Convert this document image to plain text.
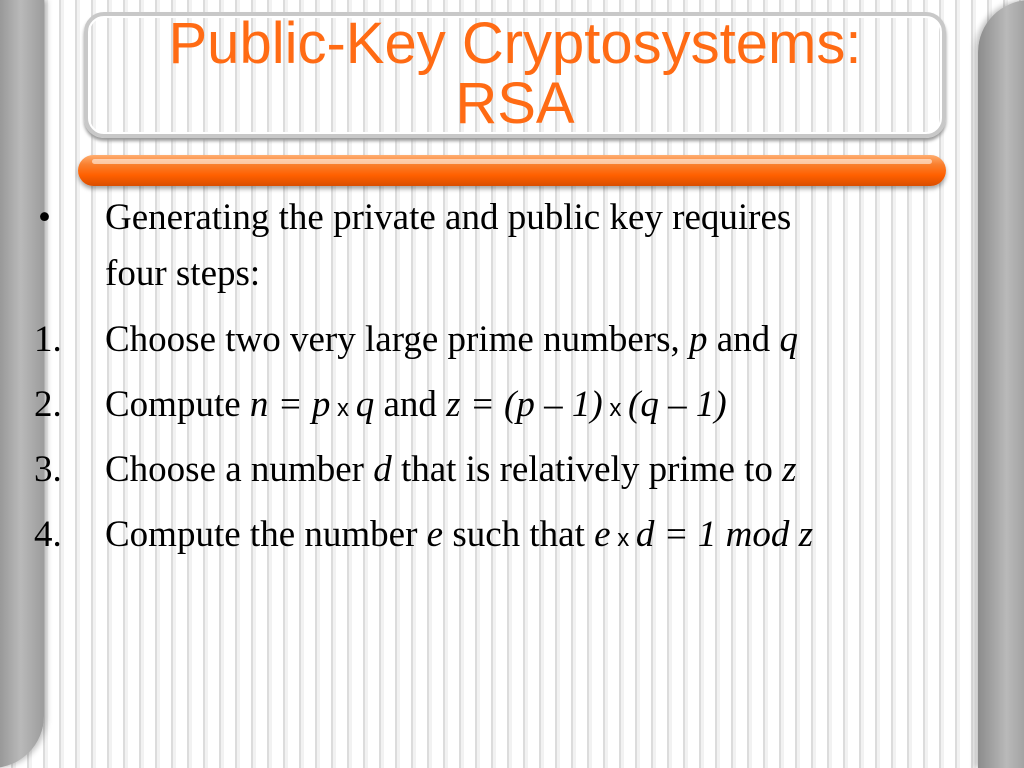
Public-Key Cryptosystems:
RSA
•	Generating the private and public key requires
four steps:
1.	Choose two very large prime numbers, p and q
2.	Compute n = p x q and z = (p – 1) x (q – 1)
3.	Choose a number d that is relatively prime to z
4.	Compute the number e such that e x d = 1 mod z
